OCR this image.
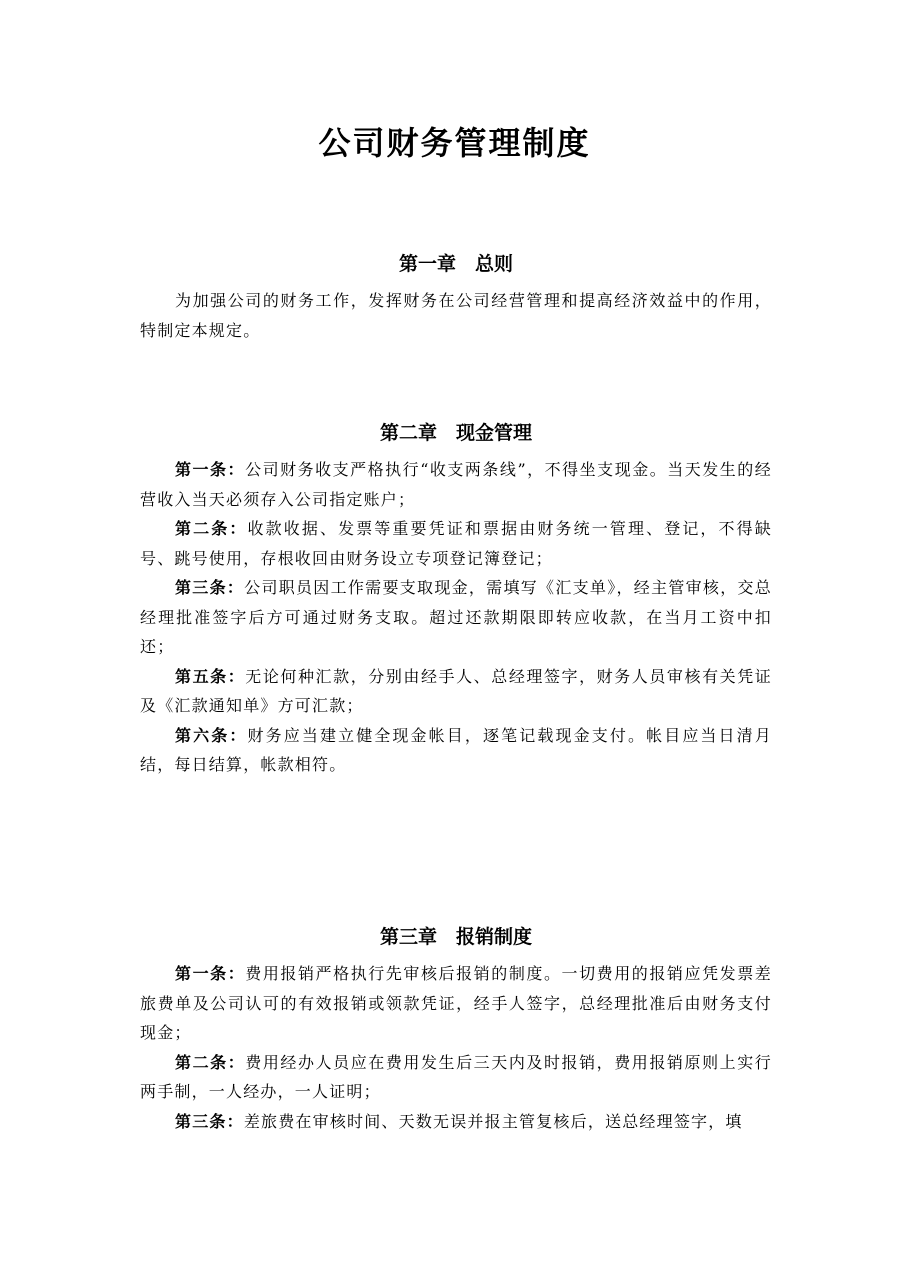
公司财务管理制度
第一章　总则

为加强公司的财务工作，发挥财务在公司经营管理和提高经济效益中的作用，特制定本规定。

第二章　现金管理

第一条：公司财务收支严格执行“收支两条线”，不得坐支现金。当天发生的经营收入当天必须存入公司指定账户；

第二条：收款收据、发票等重要凭证和票据由财务统一管理、登记，不得缺号、跳号使用，存根收回由财务设立专项登记簿登记；

第三条：公司职员因工作需要支取现金，需填写《汇支单》，经主管审核，交总经理批准签字后方可通过财务支取。超过还款期限即转应收款，在当月工资中扣还；

第五条：无论何种汇款，分别由经手人、总经理签字，财务人员审核有关凭证及《汇款通知单》方可汇款；

第六条：财务应当建立健全现金帐目，逐笔记载现金支付。帐目应当日清月结，每日结算，帐款相符。

第三章　报销制度

第一条：费用报销严格执行先审核后报销的制度。一切费用的报销应凭发票差旅费单及公司认可的有效报销或领款凭证，经手人签字，总经理批准后由财务支付现金；

第二条：费用经办人员应在费用发生后三天内及时报销，费用报销原则上实行两手制，一人经办，一人证明；

第三条：差旅费在审核时间、天数无误并报主管复核后，送总经理签字，填
